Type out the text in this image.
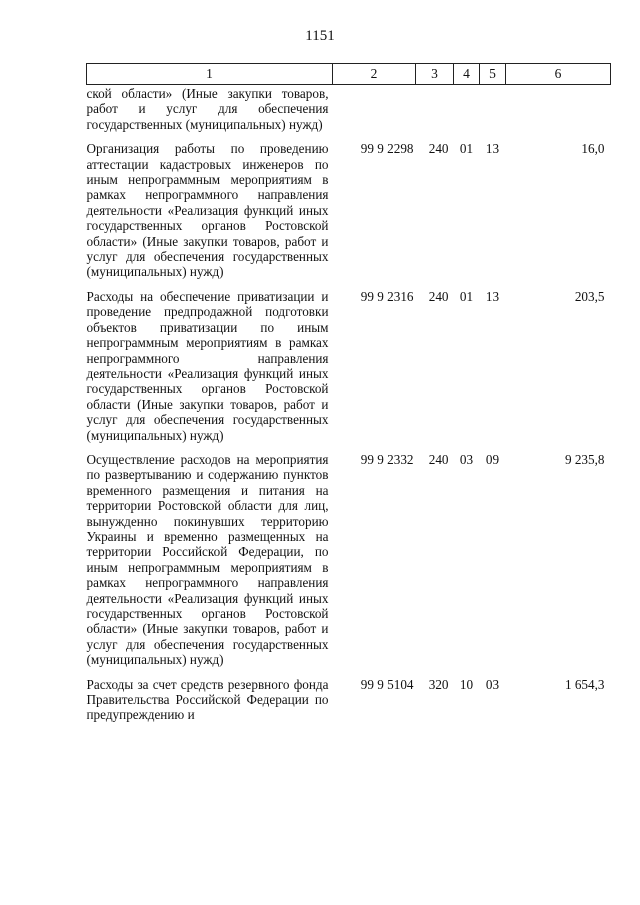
1151
1	2	3	4	5	6
ской области» (Иные закупки товаров, работ и услуг для обеспечения государственных (муниципальных) нужд)					
Организация работы по проведению аттестации кадастровых инженеров по иным непрограммным мероприятиям в рамках непрограммного направления деятельности «Реализация функций иных государственных органов Ростовской области» (Иные закупки товаров, работ и услуг для обеспечения государственных (муниципальных) нужд)	99 9 2298	240	01	13	16,0
Расходы на обеспечение приватизации и проведение предпродажной подготовки объектов приватизации по иным непрограммным мероприятиям в рамках непрограммного направления деятельности «Реализация функций иных государственных органов Ростовской области (Иные закупки товаров, работ и услуг для обеспечения государственных (муниципальных) нужд)	99 9 2316	240	01	13	203,5
Осуществление расходов на мероприятия по развертыванию и содержанию пунктов временного размещения и питания на территории Ростовской области для лиц, вынужденно покинувших территорию Украины и временно размещенных на территории Российской Федерации, по иным непрограммным мероприятиям в рамках непрограммного направления деятельности «Реализация функций иных государственных органов Ростовской области» (Иные закупки товаров, работ и услуг для обеспечения государственных (муниципальных) нужд)	99 9 2332	240	03	09	9 235,8
Расходы за счет средств резервного фонда Правительства Российской Федерации по предупреждению и	99 9 5104	320	10	03	1 654,3
